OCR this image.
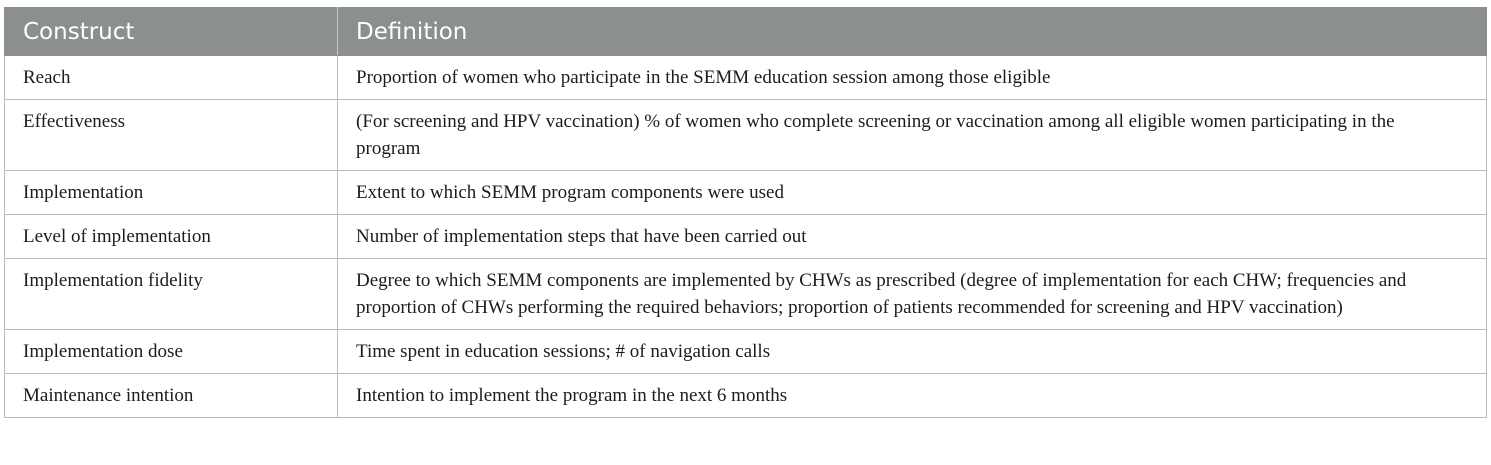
Construct	Definition
Reach	Proportion of women who participate in the SEMM education session among those eligible
Effectiveness	(For screening and HPV vaccination) % of women who complete screening or vaccination among all eligible women participating in the program
Implementation	Extent to which SEMM program components were used
Level of implementation	Number of implementation steps that have been carried out
Implementation fidelity	Degree to which SEMM components are implemented by CHWs as prescribed (degree of implementation for each CHW; frequencies and proportion of CHWs performing the required behaviors; proportion of patients recommended for screening and HPV vaccination)
Implementation dose	Time spent in education sessions; # of navigation calls
Maintenance intention	Intention to implement the program in the next 6 months
